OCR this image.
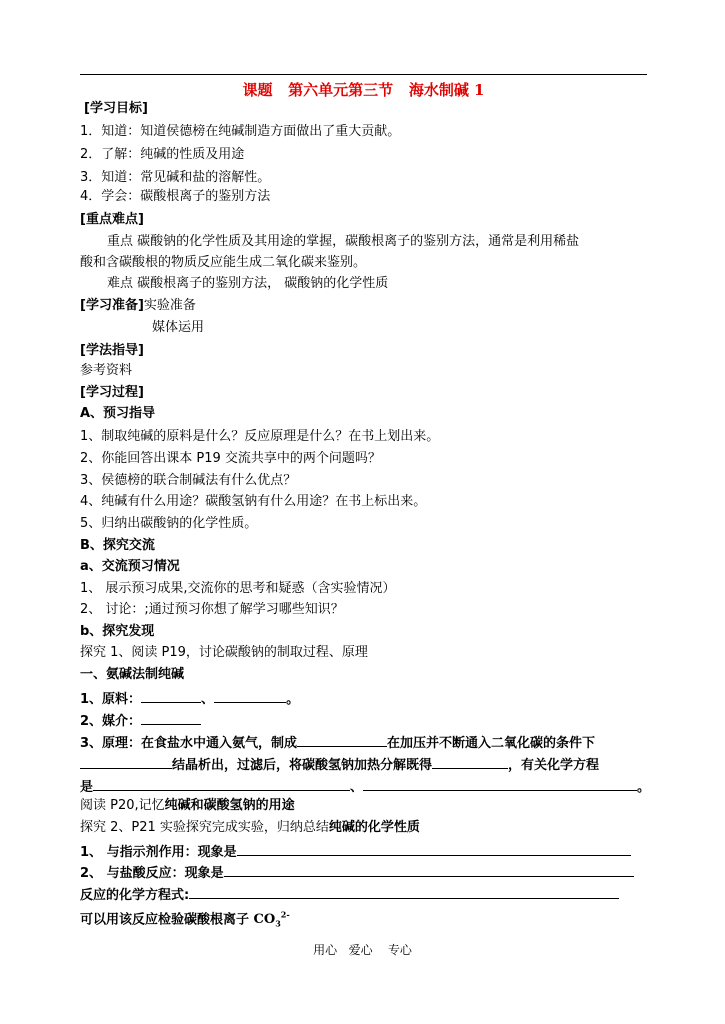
课题   第六单元第三节   海水制碱 1
[学习目标]
1．知道：知道侯德榜在纯碱制造方面做出了重大贡献。
2．了解：纯碱的性质及用途
3．知道：常见碱和盐的溶解性。
4．学会：碳酸根离子的鉴别方法
[重点难点]
重点 碳酸钠的化学性质及其用途的掌握，碳酸根离子的鉴别方法，通常是利用稀盐
酸和含碳酸根的物质反应能生成二氧化碳来鉴别。
难点 碳酸根离子的鉴别方法， 碳酸钠的化学性质
[学习准备]实验准备
媒体运用
[学法指导]
参考资料
[学习过程]
A、预习指导
1、制取纯碱的原料是什么？反应原理是什么？在书上划出来。
2、你能回答出课本 P19 交流共享中的两个问题吗？
3、侯德榜的联合制碱法有什么优点？
4、纯碱有什么用途？碳酸氢钠有什么用途？在书上标出来。
5、归纳出碳酸钠的化学性质。
B、探究交流
a、交流预习情况
1、 展示预习成果,交流你的思考和疑惑（含实验情况）
2、 讨论：;通过预习你想了解学习哪些知识？
b、探究发现
探究 1、阅读 P19，讨论碳酸钠的制取过程、原理
一、氨碱法制纯碱
1、原料：	、	。
2、媒介：
3、原理：在食盐水中通入氨气，制成	在加压并不断通入二氧化碳的条件下
结晶析出，过滤后，将碳酸氢钠加热分解既得	，有关化学方程
是	、	。
阅读 P20,记忆纯碱和碳酸氢钠的用途
探究 2、P21 实验探究完成实验，归纳总结纯碱的化学性质
1、 与指示剂作用：现象是
2、 与盐酸反应：现象是
反应的化学方程式:
可以用该反应检验碳酸根离子 $CO_3^{2-}$
用心   爱心    专心
